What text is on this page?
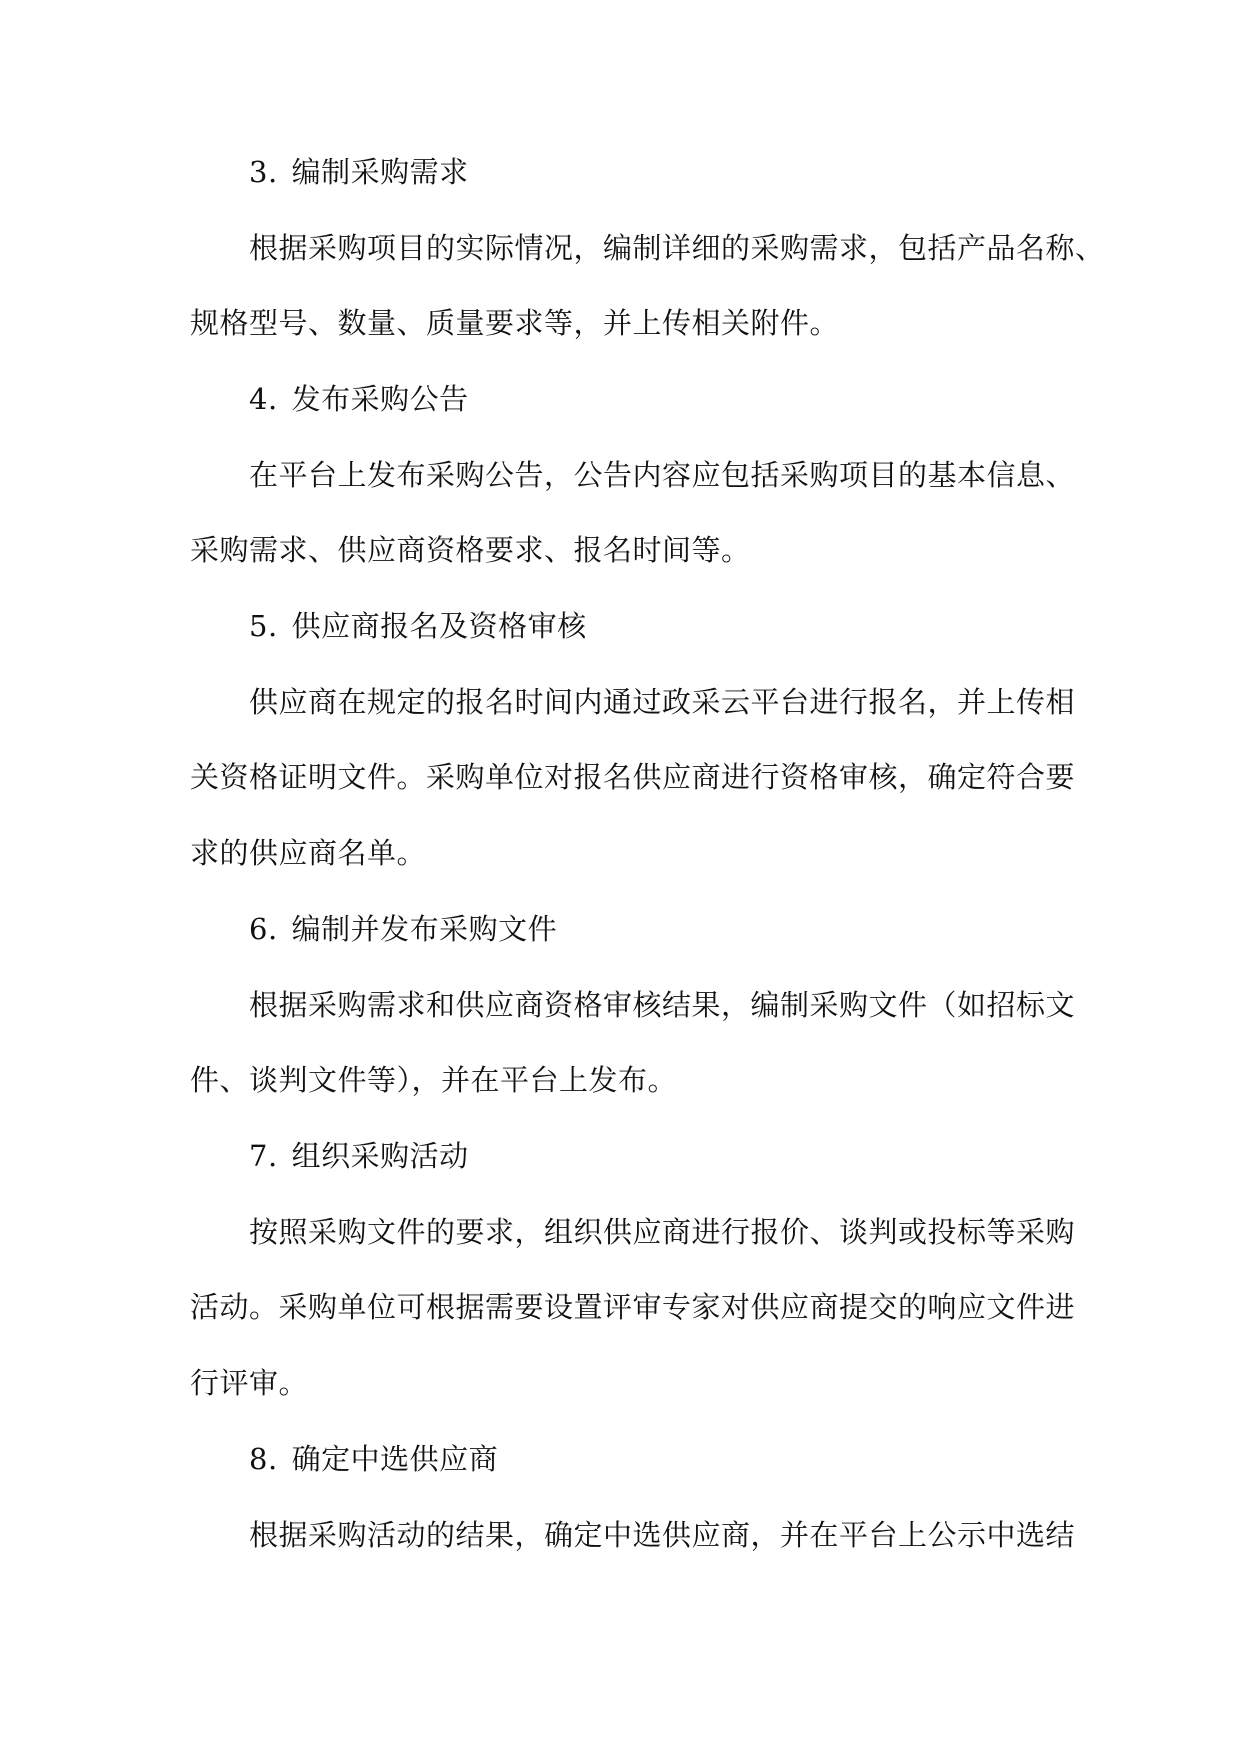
3. 编制采购需求
根据采购项目的实际情况，编制详细的采购需求，包括产品名称、
规格型号、数量、质量要求等，并上传相关附件。
4. 发布采购公告
在平台上发布采购公告，公告内容应包括采购项目的基本信息、
采购需求、供应商资格要求、报名时间等。
5. 供应商报名及资格审核
供应商在规定的报名时间内通过政采云平台进行报名，并上传相
关资格证明文件。采购单位对报名供应商进行资格审核，确定符合要
求的供应商名单。
6. 编制并发布采购文件
根据采购需求和供应商资格审核结果，编制采购文件（如招标文
件、谈判文件等），并在平台上发布。
7. 组织采购活动
按照采购文件的要求，组织供应商进行报价、谈判或投标等采购
活动。采购单位可根据需要设置评审专家对供应商提交的响应文件进
行评审。
8. 确定中选供应商
根据采购活动的结果，确定中选供应商，并在平台上公示中选结
